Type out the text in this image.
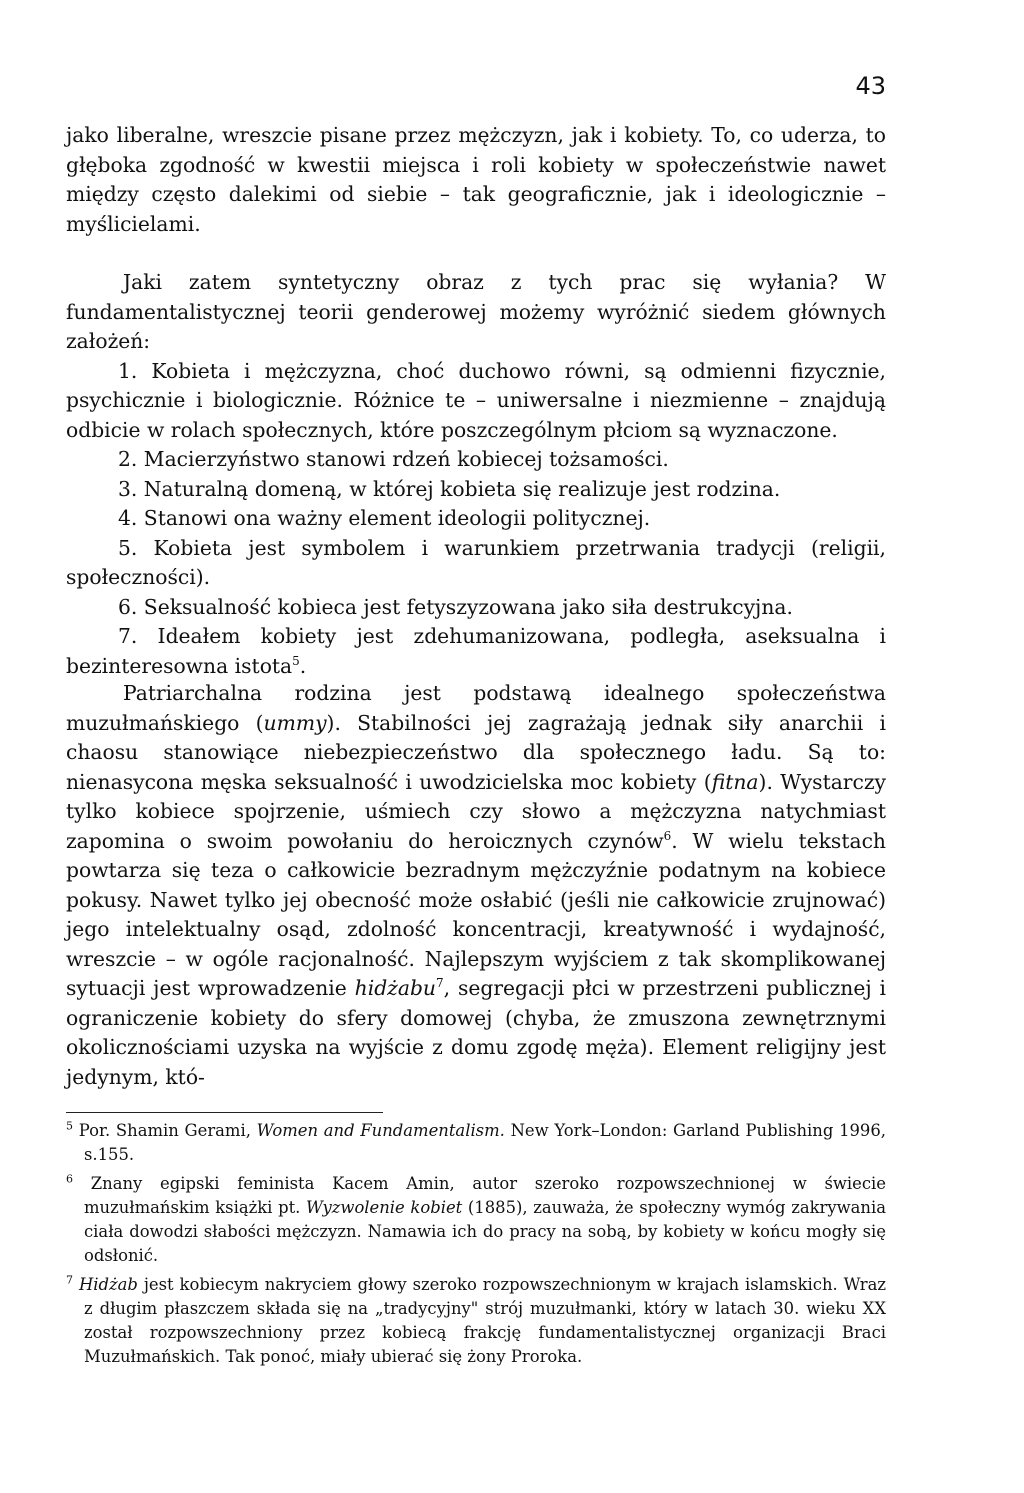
43

jako liberalne, wreszcie pisane przez mężczyzn, jak i kobiety. To, co uderza, to głęboka zgodność w kwestii miejsca i roli kobiety w społeczeństwie nawet między często dalekimi od siebie – tak geograficznie, jak i ideologicznie – myślicielami.

Jaki zatem syntetyczny obraz z tych prac się wyłania? W fundamentalistycznej teorii genderowej możemy wyróżnić siedem głównych założeń:

1. Kobieta i mężczyzna, choć duchowo równi, są odmienni fizycznie, psychicznie i biologicznie. Różnice te – uniwersalne i niezmienne – znajdują odbicie w rolach społecznych, które poszczególnym płciom są wyznaczone.

2. Macierzyństwo stanowi rdzeń kobiecej tożsamości.

3. Naturalną domeną, w której kobieta się realizuje jest rodzina.

4. Stanowi ona ważny element ideologii politycznej.

5. Kobieta jest symbolem i warunkiem przetrwania tradycji (religii, społeczności).

6. Seksualność kobieca jest fetyszyzowana jako siła destrukcyjna.

7. Ideałem kobiety jest zdehumanizowana, podległa, aseksualna i bezinteresowna istota$^5$.

Patriarchalna rodzina jest podstawą idealnego społeczeństwa muzułmańskiego (ummy). Stabilności jej zagrażają jednak siły anarchii i chaosu stanowiące niebezpieczeństwo dla społecznego ładu. Są to: nienasycona męska seksualność i uwodzicielska moc kobiety (fitna). Wystarczy tylko kobiece spojrzenie, uśmiech czy słowo a mężczyzna natychmiast zapomina o swoim powołaniu do heroicznych czynów$^6$. W wielu tekstach powtarza się teza o całkowicie bezradnym mężczyźnie podatnym na kobiece pokusy. Nawet tylko jej obecność może osłabić (jeśli nie całkowicie zrujnować) jego intelektualny osąd, zdolność koncentracji, kreatywność i wydajność, wreszcie – w ogóle racjonalność. Najlepszym wyjściem z tak skomplikowanej sytuacji jest wprowadzenie hidżabu$^7$, segregacji płci w przestrzeni publicznej i ograniczenie kobiety do sfery domowej (chyba, że zmuszona zewnętrznymi okolicznościami uzyska na wyjście z domu zgodę męża). Element religijny jest jedynym, któ-

$^5$ Por. Shamin Gerami, Women and Fundamentalism. New York–London: Garland Publishing 1996, s.155.

$^6$ Znany egipski feminista Kacem Amin, autor szeroko rozpowszechnionej w świecie muzułmańskim książki pt. Wyzwolenie kobiet (1885), zauważa, że społeczny wymóg zakrywania ciała dowodzi słabości mężczyzn. Namawia ich do pracy na sobą, by kobiety w końcu mogły się odsłonić.

$^7$ Hidżab jest kobiecym nakryciem głowy szeroko rozpowszechnionym w krajach islamskich. Wraz z długim płaszczem składa się na „tradycyjny" strój muzułmanki, który w latach 30. wieku XX został rozpowszechniony przez kobiecą frakcję fundamentalistycznej organizacji Braci Muzułmańskich. Tak ponoć, miały ubierać się żony Proroka.
